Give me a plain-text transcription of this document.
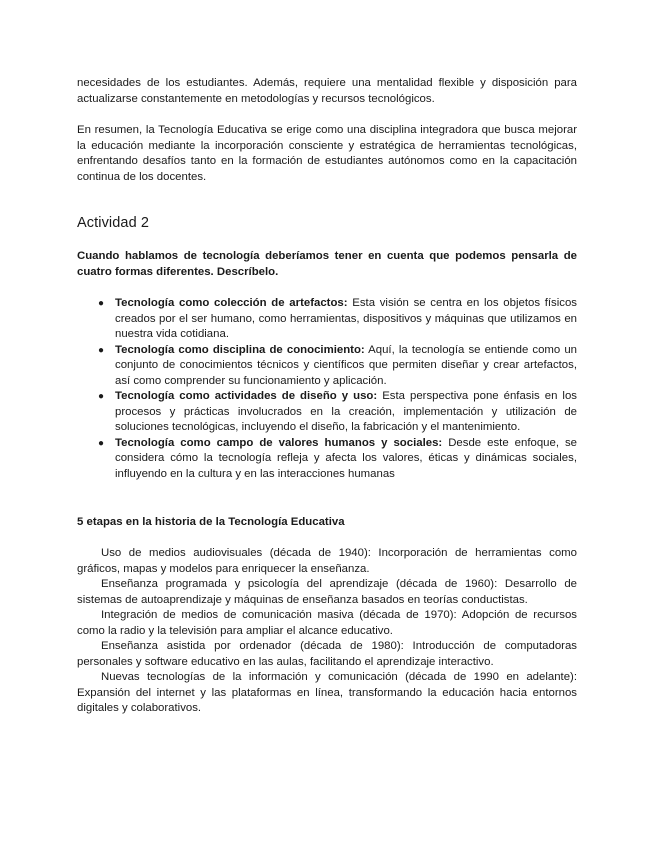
necesidades de los estudiantes. Además, requiere una mentalidad flexible y disposición para actualizarse constantemente en metodologías y recursos tecnológicos.

En resumen, la Tecnología Educativa se erige como una disciplina integradora que busca mejorar la educación mediante la incorporación consciente y estratégica de herramientas tecnológicas, enfrentando desafíos tanto en la formación de estudiantes autónomos como en la capacitación continua de los docentes.

Actividad 2

Cuando hablamos de tecnología deberíamos tener en cuenta que podemos pensarla de cuatro formas diferentes. Descríbelo.

● Tecnología como colección de artefactos: Esta visión se centra en los objetos físicos creados por el ser humano, como herramientas, dispositivos y máquinas que utilizamos en nuestra vida cotidiana.
● Tecnología como disciplina de conocimiento: Aquí, la tecnología se entiende como un conjunto de conocimientos técnicos y científicos que permiten diseñar y crear artefactos, así como comprender su funcionamiento y aplicación.
● Tecnología como actividades de diseño y uso: Esta perspectiva pone énfasis en los procesos y prácticas involucrados en la creación, implementación y utilización de soluciones tecnológicas, incluyendo el diseño, la fabricación y el mantenimiento.
● Tecnología como campo de valores humanos y sociales: Desde este enfoque, se considera cómo la tecnología refleja y afecta los valores, éticas y dinámicas sociales, influyendo en la cultura y en las interacciones humanas
5 etapas en la historia de la Tecnología Educativa

Uso de medios audiovisuales (década de 1940): Incorporación de herramientas como gráficos, mapas y modelos para enriquecer la enseñanza.

Enseñanza programada y psicología del aprendizaje (década de 1960): Desarrollo de sistemas de autoaprendizaje y máquinas de enseñanza basados en teorías conductistas.

Integración de medios de comunicación masiva (década de 1970): Adopción de recursos como la radio y la televisión para ampliar el alcance educativo.

Enseñanza asistida por ordenador (década de 1980): Introducción de computadoras personales y software educativo en las aulas, facilitando el aprendizaje interactivo.

Nuevas tecnologías de la información y comunicación (década de 1990 en adelante): Expansión del internet y las plataformas en línea, transformando la educación hacia entornos digitales y colaborativos.
